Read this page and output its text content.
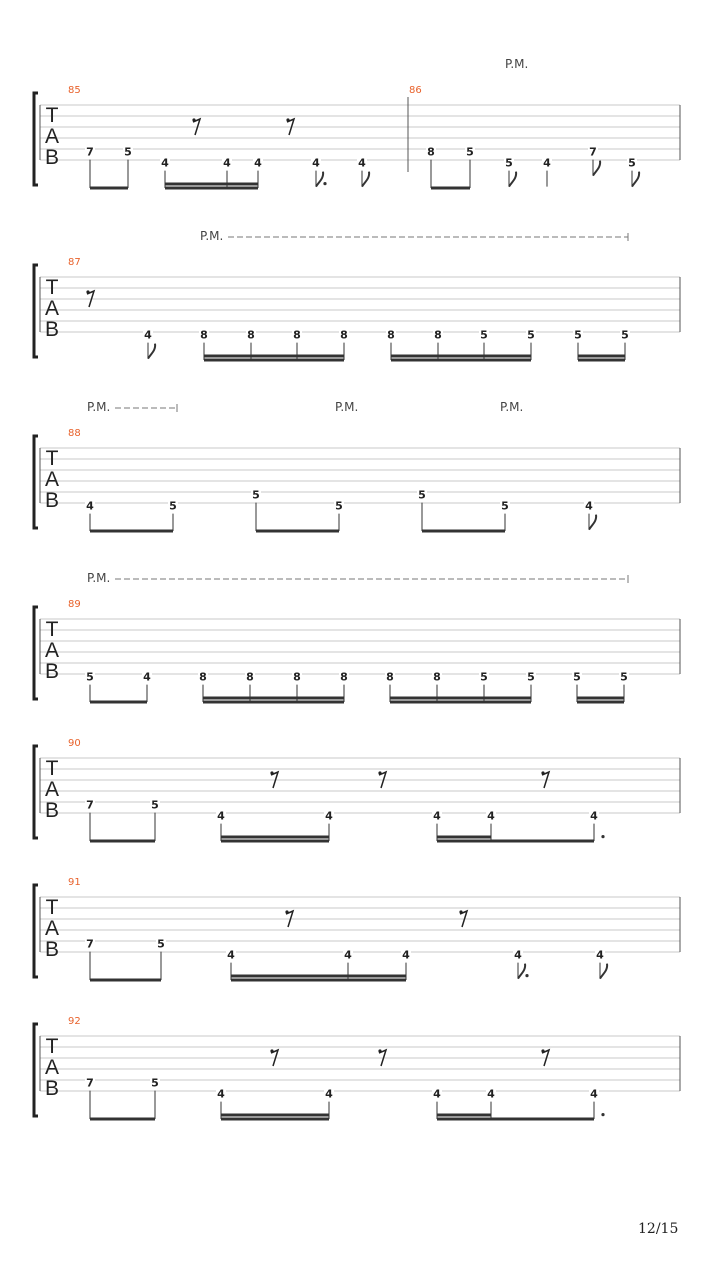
T
A
B
85	86
7	5
4	4 4	4	4
8	5
5	4
7
5
P.M.
T
A
B
87
4	8	8	8	8	8	8	5	5	5	5
P.M.
T
A
B
88
4	5
5
5
5
5	4
P.M.	P.M.	P.M.
T
A
B
89
5	4	8	8	8	8	8	8	5	5	5	5
P.M.
T
A
B
90
7	5
4	4	4	4	4
T
A
B
91
7	5
4	4	4	4	4
T
A
B
92
7	5
4	4	4	4	4
12/15
